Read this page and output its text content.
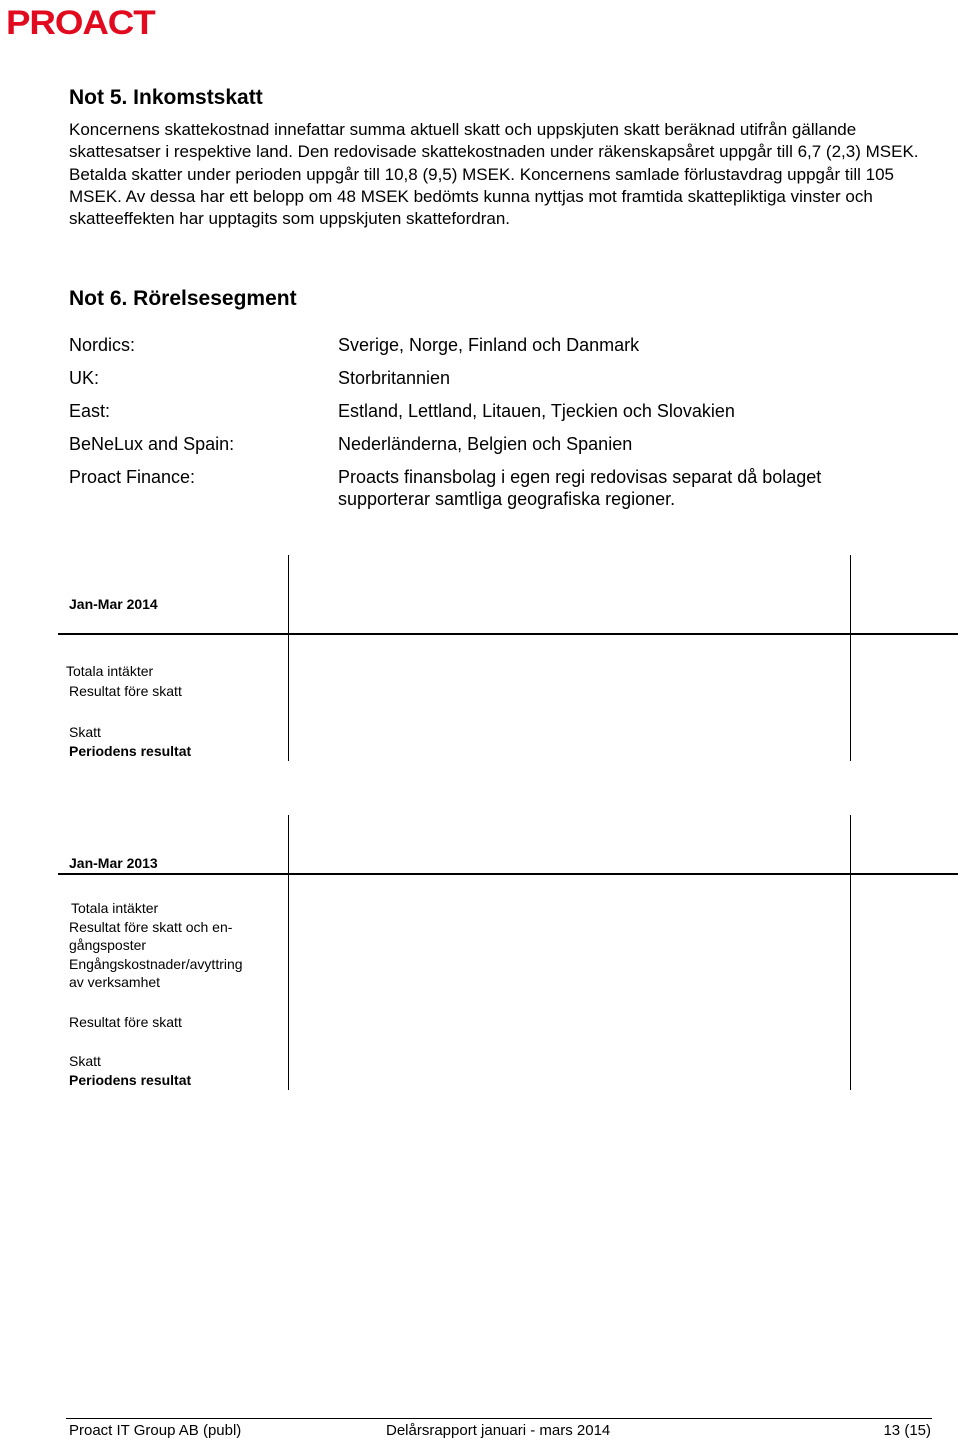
PROACT
Not 5. Inkomstskatt
Koncernens skattekostnad innefattar summa aktuell skatt och uppskjuten skatt beräknad utifrån gällande skattesatser i respektive land. Den redovisade skattekostnaden under räkenskapsåret uppgår till 6,7 (2,3) MSEK. Betalda skatter under perioden uppgår till 10,8 (9,5) MSEK. Koncernens samlade förlustavdrag uppgår till 105 MSEK. Av dessa har ett belopp om 48 MSEK bedömts kunna nyttjas mot framtida skattepliktiga vinster och skatteeffekten har upptagits som uppskjuten skattefordran.
Not 6. Rörelsesegment
Nordics:	Sverige, Norge, Finland och Danmark
UK:	Storbritannien
East:	Estland, Lettland, Litauen, Tjeckien och Slovakien
BeNeLux and Spain:	Nederländerna, Belgien och Spanien
Proact Finance:	Proacts finansbolag i egen regi redovisas separat då bolaget supporterar samtliga geografiska regioner.
Jan-Mar 2014
Totala intäkter
Resultat före skatt
Skatt
Periodens resultat
Jan-Mar 2013
Totala intäkter
Resultat före skatt och en-
gångsposter
Engångskostnader/avyttring
av verksamhet
Resultat före skatt
Skatt
Periodens resultat
Proact IT Group AB (publ)	Delårsrapport januari - mars 2014	13 (15)
